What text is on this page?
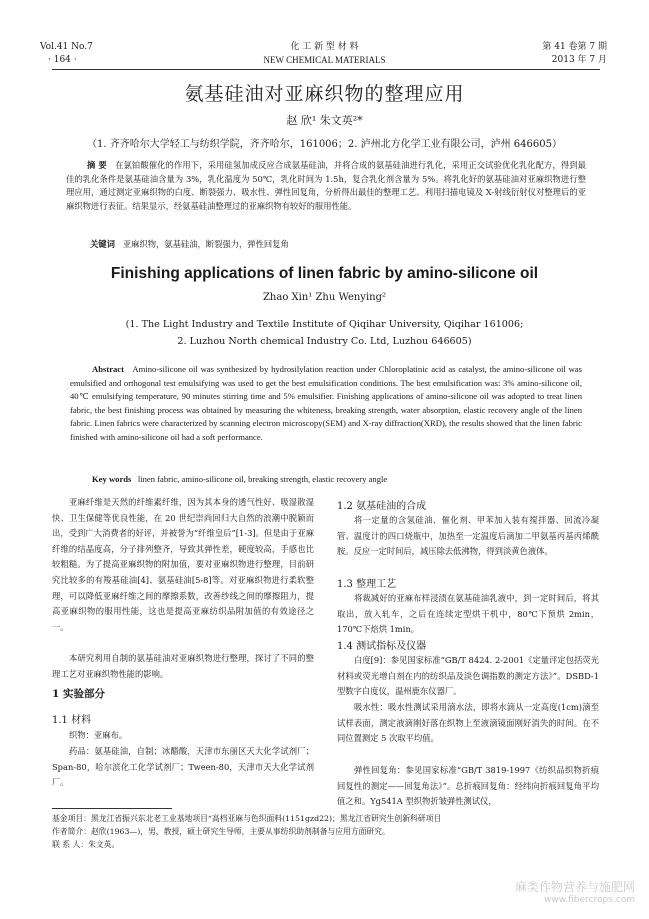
Vol.41 No.7
· 164 ·
化 工 新 型 材 料
NEW CHEMICAL MATERIALS
第 41 卷第 7 期
2013 年 7 月
氨基硅油对亚麻织物的整理应用
赵 欣¹ 朱文英²*
（1. 齐齐哈尔大学轻工与纺织学院，齐齐哈尔，161006；2. 泸州北方化学工业有限公司，泸州 646605）
摘 要 在氯铂酸催化的作用下，采用硅氢加成反应合成氨基硅油，并将合成的氨基硅油进行乳化，采用正交试验优化乳化配方，得到最佳的乳化条件是氨基硅油含量为 3%，乳化温度为 50℃，乳化时间为 1.5h，复合乳化剂含量为 5%。将乳化好的氨基硅油对亚麻织物进行整理应用，通过测定亚麻织物的白度、断裂强力、吸水性、弹性回复角，分析得出最佳的整理工艺。利用扫描电镜及 X-射线衍射仪对整理后的亚麻织物进行表征。结果显示，经氨基硅油整理过的亚麻织物有较好的服用性能。
关键词 亚麻织物，氨基硅油，断裂强力，弹性回复角
Finishing applications of linen fabric by amino-silicone oil
Zhao Xin¹ Zhu Wenying²
(1. The Light Industry and Textile Institute of Qiqihar University, Qiqihar 161006;
2. Luzhou North chemical Industry Co. Ltd, Luzhou 646605)
Abstract Amino-silicone oil was synthesized by hydrosilylation reaction under Chloroplatinic acid as catalyst, the amino-silicone oil was emulsified and orthogonal test emulsifying was used to get the best emulsification conditions. The best emulsification was: 3% amino-silicone oil, 40℃ emulsifying temperature, 90 minutes stirring time and 5% emulsifier. Finishing applications of amino-silicone oil was adopted to treat linen fabric, the best finishing process was obtained by measuring the whiteness, breaking strength, water absorption, elastic recovery angle of the linen fabric. Linen fabrics were characterized by scanning electron microscopy(SEM) and X-ray diffraction(XRD), the results showed that the linen fabric finished with amino-silicone oil had a soft performance.
Key words linen fabric, amino-silicone oil, breaking strength, elastic recovery angle
亚麻纤维是天然的纤维素纤维，因为其本身的透气性好、吸湿散湿快、卫生保健等优良性能，在 20 世纪崇尚回归大自然的浪潮中脱颖而出，受到广大消费者的好评，并被誉为“纤维皇后”[1-3]。但是由于亚麻纤维的结晶度高，分子排列整齐，导致其弹性差，硬度较高，手感也比较粗糙。为了提高亚麻织物的附加值，要对亚麻织物进行整理，目前研究比较多的有羧基硅油[4]、氨基硅油[5-8]等。对亚麻织物进行柔软整理，可以降低亚麻纤维之间的摩擦系数，改善纱线之间的摩擦阻力，提高亚麻织物的服用性能，这也是提高亚麻纺织品附加值的有效途径之一。
本研究利用自制的氨基硅油对亚麻织物进行整理，探讨了不同的整理工艺对亚麻织物性能的影响。
1 实验部分
1.1 材料
织物：亚麻布。
药品：氨基硅油，自制；冰醋酸，天津市东丽区天大化学试剂厂；Span-80，哈尔滨化工化学试剂厂；Tween-80，天津市天大化学试剂厂。
1.2 氨基硅油的合成
将一定量的含氢硅油、催化剂、甲苯加入装有搅拌器、回流冷凝管、温度计的四口烧瓶中，加热至一定温度后滴加二甲氨基丙基丙烯酰胺。反应一定时间后，减压除去低沸物，得到淡黄色液体。
1.3 整理工艺
将裁减好的亚麻布样浸渍在氨基硅油乳液中，到一定时间后，将其取出，放入轧车，之后在连续定型烘干机中，80℃下预烘 2min，170℃下焙烘 1min。
1.4 测试指标及仪器
白度[9]：参见国家标准“GB/T 8424. 2-2001《定量评定包括荧光材料或荧光增白剂在内的纺织品及淡色调指数的测定方法》”。DSBD-1 型数字白度仪，温州鹿东仪器厂。
吸水性：吸水性测试采用滴水法，即将水滴从一定高度(1cm)滴至试样表面，测定液滴刚好落在织物上至液滴镜面刚好消失的时间。在不同位置测定 5 次取平均值。
弹性回复角：参见国家标准“GB/T 3819-1997《纺织品织物折痕回复性的测定——回复角法》”。总折痕回复角：经纬向折痕回复角平均值之和。Yg541A 型织物折皱弹性测试仪，
基金项目：黑龙江省振兴东北老工业基地项目“高档亚麻与色织面料(1151gzd22)；黑龙江省研究生创新科研项目
作者简介：赵欣(1963—)，男，教授，硕士研究生导师，主要从事纺织助剂制备与应用方面研究。
联 系 人：朱文英。
麻类作物营养与施肥网
www.fibercrops.com
